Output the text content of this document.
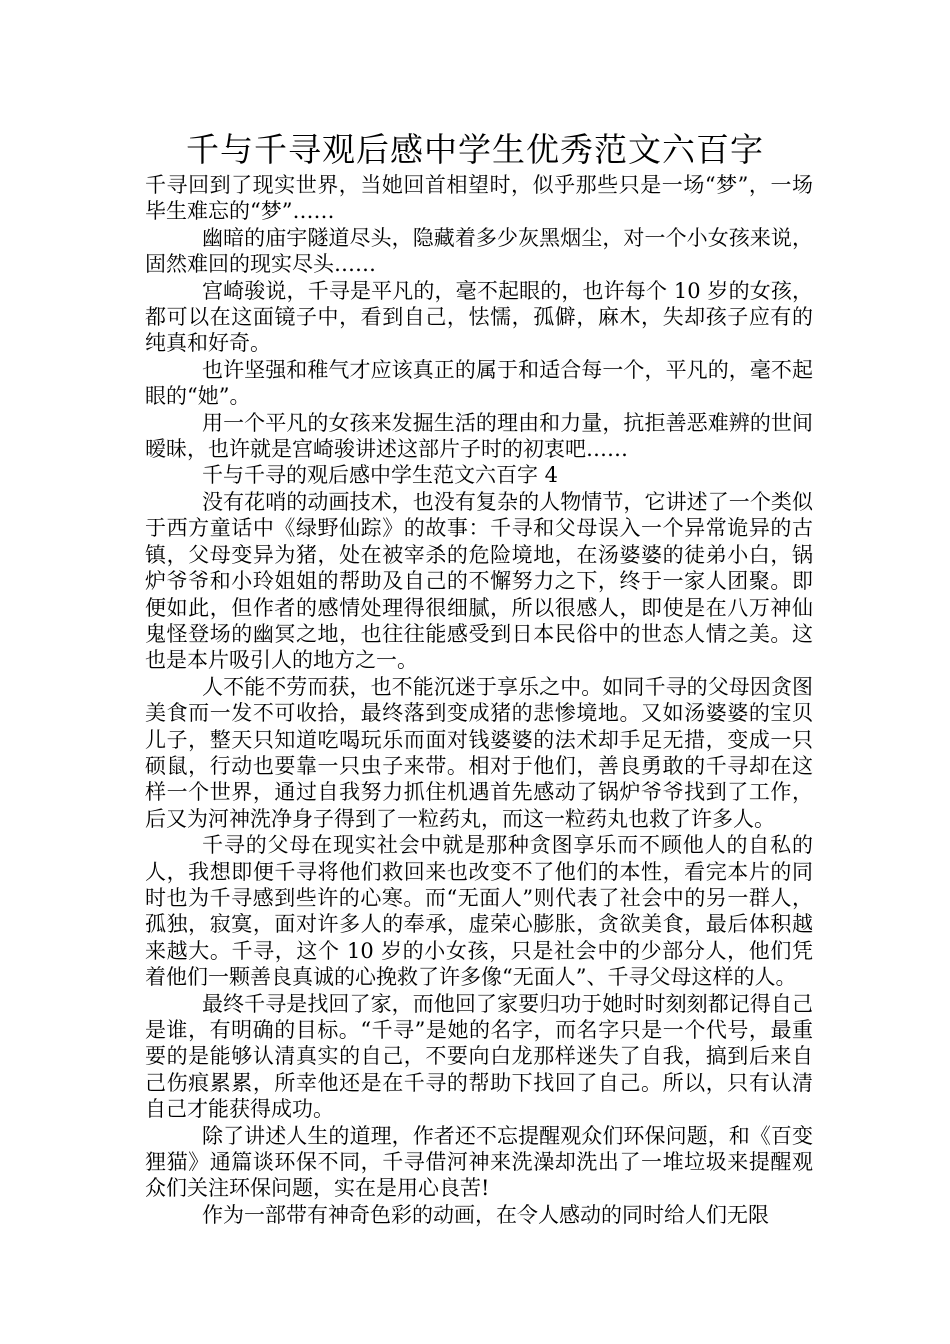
千与千寻观后感中学生优秀范文六百字

千寻回到了现实世界，当她回首相望时，似乎那些只是一场“梦”，一场毕生难忘的“梦”……

幽暗的庙宇隧道尽头，隐藏着多少灰黑烟尘，对一个小女孩来说，固然难回的现实尽头……

宫崎骏说，千寻是平凡的，毫不起眼的，也许每个 10 岁的女孩，都可以在这面镜子中，看到自己，怯懦，孤僻，麻木，失却孩子应有的纯真和好奇。

也许坚强和稚气才应该真正的属于和适合每一个，平凡的，毫不起眼的“她”。

用一个平凡的女孩来发掘生活的理由和力量，抗拒善恶难辨的世间暧昧，也许就是宫崎骏讲述这部片子时的初衷吧……

千与千寻的观后感中学生范文六百字 4

没有花哨的动画技术，也没有复杂的人物情节，它讲述了一个类似于西方童话中《绿野仙踪》的故事：千寻和父母误入一个异常诡异的古镇，父母变异为猪，处在被宰杀的危险境地，在汤婆婆的徒弟小白，锅炉爷爷和小玲姐姐的帮助及自己的不懈努力之下，终于一家人团聚。即便如此，但作者的感情处理得很细腻，所以很感人，即使是在八万神仙鬼怪登场的幽冥之地，也往往能感受到日本民俗中的世态人情之美。这也是本片吸引人的地方之一。

人不能不劳而获，也不能沉迷于享乐之中。如同千寻的父母因贪图美食而一发不可收拾，最终落到变成猪的悲惨境地。又如汤婆婆的宝贝儿子，整天只知道吃喝玩乐而面对钱婆婆的法术却手足无措，变成一只硕鼠，行动也要靠一只虫子来带。相对于他们，善良勇敢的千寻却在这样一个世界，通过自我努力抓住机遇首先感动了锅炉爷爷找到了工作，后又为河神洗净身子得到了一粒药丸，而这一粒药丸也救了许多人。

千寻的父母在现实社会中就是那种贪图享乐而不顾他人的自私的人，我想即便千寻将他们救回来也改变不了他们的本性，看完本片的同时也为千寻感到些许的心寒。而“无面人”则代表了社会中的另一群人，孤独，寂寞，面对许多人的奉承，虚荣心膨胀，贪欲美食，最后体积越来越大。千寻，这个 10 岁的小女孩，只是社会中的少部分人，他们凭着他们一颗善良真诚的心挽救了许多像“无面人”、千寻父母这样的人。

最终千寻是找回了家，而他回了家要归功于她时时刻刻都记得自己是谁，有明确的目标。“千寻”是她的名字，而名字只是一个代号，最重要的是能够认清真实的自己，不要向白龙那样迷失了自我，搞到后来自己伤痕累累，所幸他还是在千寻的帮助下找回了自己。所以，只有认清自己才能获得成功。

除了讲述人生的道理，作者还不忘提醒观众们环保问题，和《百变狸猫》通篇谈环保不同，千寻借河神来洗澡却洗出了一堆垃圾来提醒观众们关注环保问题，实在是用心良苦!

作为一部带有神奇色彩的动画，在令人感动的同时给人们无限
